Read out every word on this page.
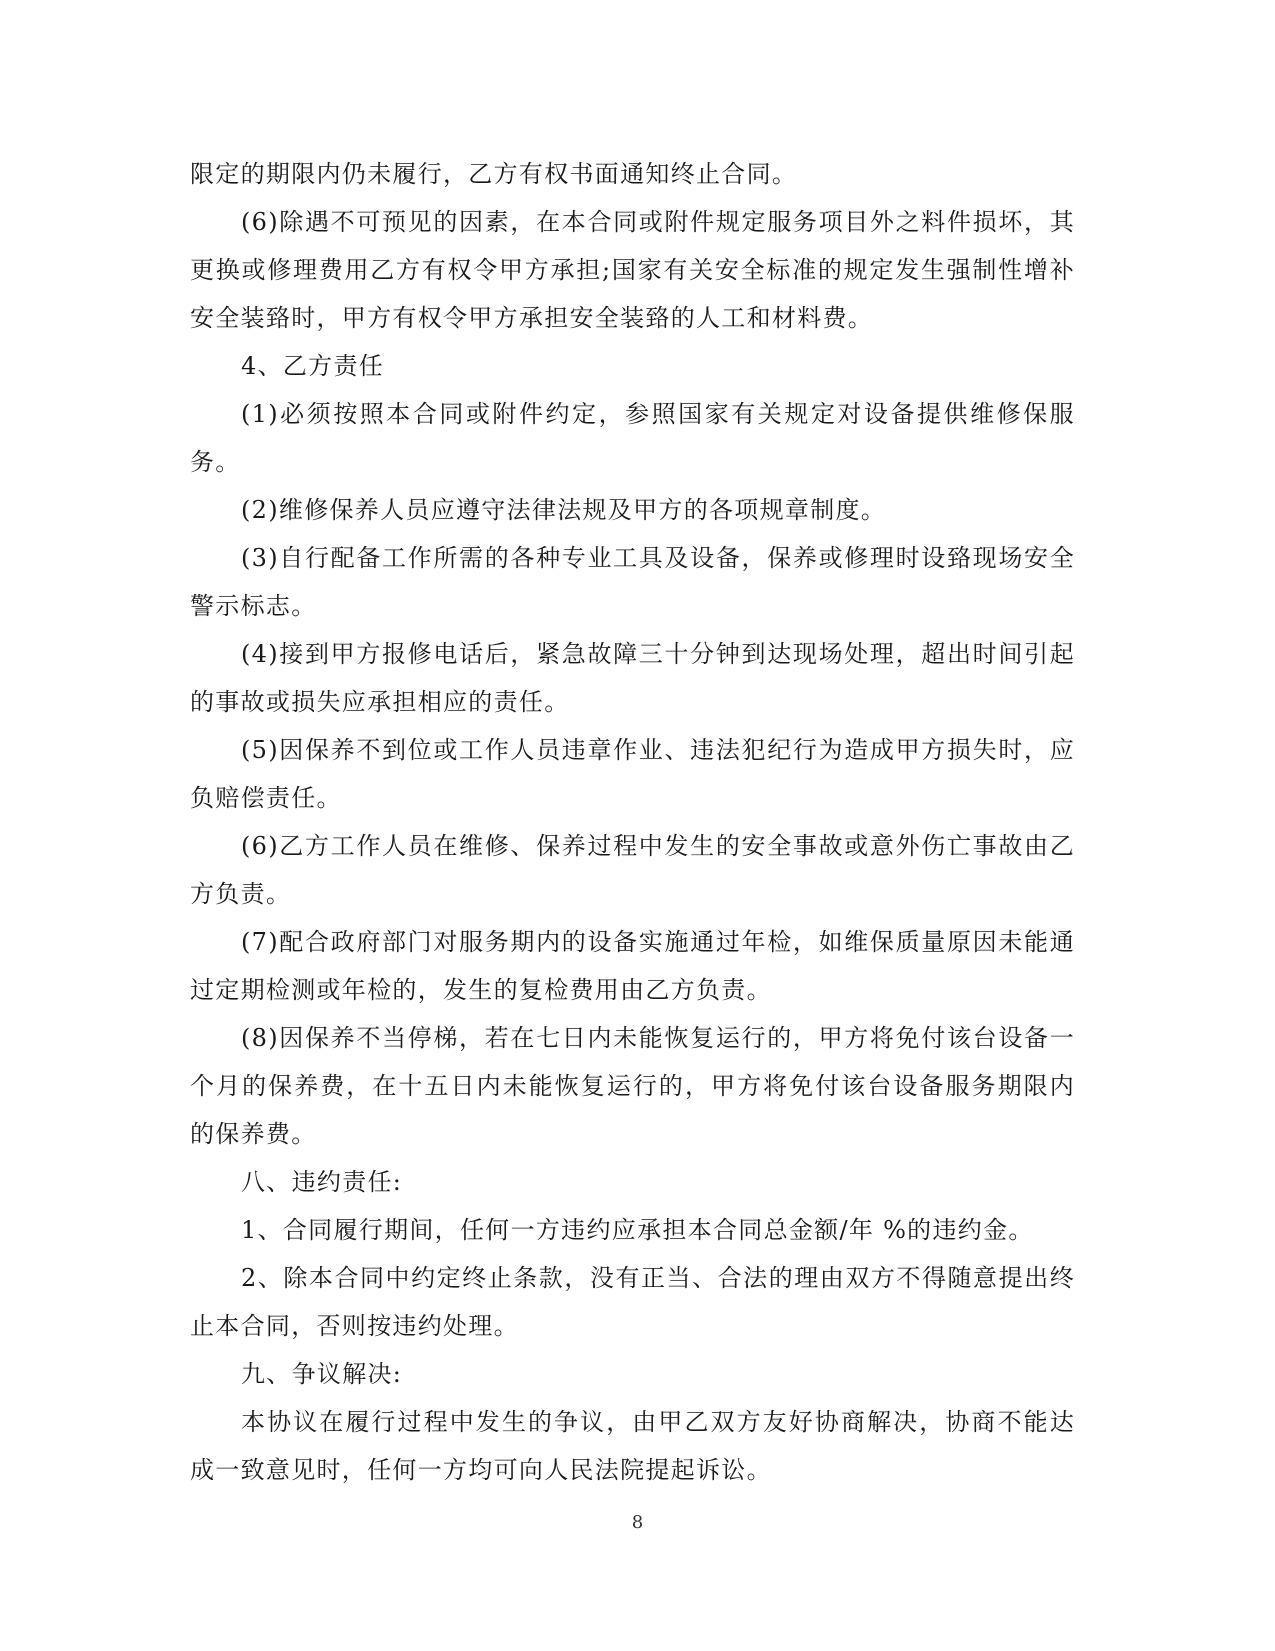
限定的期限内仍未履行，乙方有权书面通知终止合同。

(6)除遇不可预见的因素，在本合同或附件规定服务项目外之料件损坏，其更换或修理费用乙方有权令甲方承担;国家有关安全标准的规定发生强制性增补安全装臵时，甲方有权令甲方承担安全装臵的人工和材料费。

4、乙方责任

(1)必须按照本合同或附件约定，参照国家有关规定对设备提供维修保服务。

(2)维修保养人员应遵守法律法规及甲方的各项规章制度。

(3)自行配备工作所需的各种专业工具及设备，保养或修理时设臵现场安全警示标志。

(4)接到甲方报修电话后，紧急故障三十分钟到达现场处理，超出时间引起的事故或损失应承担相应的责任。

(5)因保养不到位或工作人员违章作业、违法犯纪行为造成甲方损失时，应负赔偿责任。

(6)乙方工作人员在维修、保养过程中发生的安全事故或意外伤亡事故由乙方负责。

(7)配合政府部门对服务期内的设备实施通过年检，如维保质量原因未能通过定期检测或年检的，发生的复检费用由乙方负责。

(8)因保养不当停梯，若在七日内未能恢复运行的，甲方将免付该台设备一个月的保养费，在十五日内未能恢复运行的，甲方将免付该台设备服务期限内的保养费。

八、违约责任:

1、合同履行期间，任何一方违约应承担本合同总金额/年 %的违约金。

2、除本合同中约定终止条款，没有正当、合法的理由双方不得随意提出终止本合同，否则按违约处理。

九、争议解决:

本协议在履行过程中发生的争议，由甲乙双方友好协商解决，协商不能达成一致意见时，任何一方均可向人民法院提起诉讼。

8
